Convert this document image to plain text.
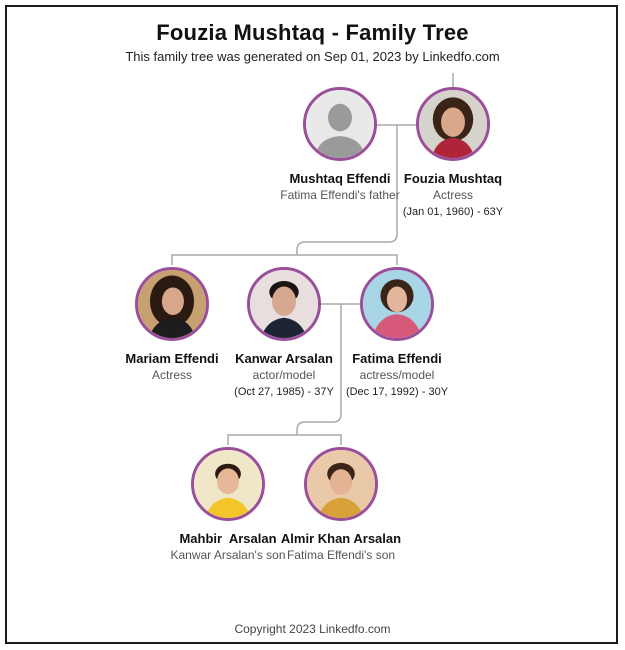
Fouzia Mushtaq - Family Tree
This family tree was generated on Sep 01, 2023 by Linkedfo.com
Mushtaq Effendi
Fatima Effendi's father
Fouzia Mushtaq
Actress
(Jan 01, 1960) - 63Y
Mariam Effendi
Actress
Kanwar Arsalan
actor/model
(Oct 27, 1985) - 37Y
Fatima Effendi
actress/model
(Dec 17, 1992) - 30Y
Mahbir  Arsalan
Kanwar Arsalan's son
Almir Khan Arsalan
Fatima Effendi's son
Copyright 2023 Linkedfo.com
